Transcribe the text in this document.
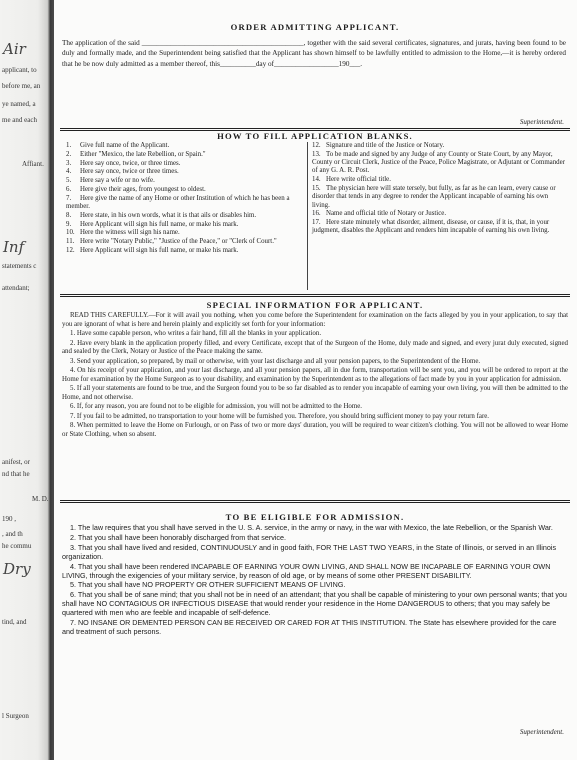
applicant, to
before me, an
ye named, a
me and each
Affiant.
statements c
attendant;
anifest, or
nd that he
M. D.
190 ,
, and th
he commu
tind, and
l Surgeon
Air
Inf
Dry
ORDER ADMITTING APPLICANT.
The application of the said _____________________________________________, together with the said several certificates, signatures, and jurats, having been found to be duly and formally made, and the Superintendent being satisfied that the Applicant has shown himself to be lawfully entitled to admission to the Home,—it is hereby ordered that he be now duly admitted as a member thereof, this__________day of__________________190___.
Superintendent.
HOW TO FILL APPLICATION BLANKS.
1. Give full name of the Applicant.
2. Either "Mexico, the late Rebellion, or Spain."
3. Here say once, twice, or three times.
4. Here say once, twice or three times.
5. Here say a wife or no wife.
6. Here give their ages, from youngest to oldest.
7. Here give the name of any Home or other Institution of which he has been a member.
8. Here state, in his own words, what it is that ails or disables him.
9. Here Applicant will sign his full name, or make his mark.
10. Here the witness will sign his name.
11. Here write "Notary Public," "Justice of the Peace," or "Clerk of Court."
12. Here Applicant will sign his full name, or make his mark.
12. Signature and title of the Justice or Notary.
13. To be made and signed by any Judge of any County or State Court, by any Mayor, County or Circuit Clerk, Justice of the Peace, Police Magistrate, or Adjutant or Commander of any G. A. R. Post.
14. Here write official title.
15. The physician here will state tersely, but fully, as far as he can learn, every cause or disorder that tends in any degree to render the Applicant incapable of earning his own living.
16. Name and official title of Notary or Justice.
17. Here state minutely what disorder, ailment, disease, or cause, if it is, that, in your judgment, disables the Applicant and renders him incapable of earning his own living.
SPECIAL INFORMATION FOR APPLICANT.
READ THIS CAREFULLY.—For it will avail you nothing, when you come before the Superintendent for examination on the facts alleged by you in your application, to say that you are ignorant of what is here and herein plainly and explicitly set forth for your information:
1. Have some capable person, who writes a fair hand, fill all the blanks in your application.
2. Have every blank in the application properly filled, and every Certificate, except that of the Surgeon of the Home, duly made and signed, and every jurat duly executed, signed and sealed by the Clerk, Notary or Justice of the Peace making the same.
3. Send your application, so prepared, by mail or otherwise, with your last discharge and all your pension papers, to the Superintendent of the Home.
4. On his receipt of your application, and your last discharge, and all your pension papers, all in due form, transportation will be sent you, and you will be ordered to report at the Home for examination by the Home Surgeon as to your disability, and examination by the Superintendent as to the allegations of fact made by you in your application for admission.
5. If all your statements are found to be true, and the Surgeon found you to be so far disabled as to render you incapable of earning your own living, you will then be admitted to the Home, and not otherwise.
6. If, for any reason, you are found not to be eligible for admission, you will not be admitted to the Home.
7. If you fail to be admitted, no transportation to your home will be furnished you. Therefore, you should bring sufficient money to pay your return fare.
8. When permitted to leave the Home on Furlough, or on Pass of two or more days' duration, you will be required to wear citizen's clothing. You will not be allowed to wear Home or State Clothing, when so absent.
TO BE ELIGIBLE FOR ADMISSION.
1. The law requires that you shall have served in the U. S. A. service, in the army or navy, in the war with Mexico, the late Rebellion, or the Spanish War.
2. That you shall have been honorably discharged from that service.
3. That you shall have lived and resided, CONTINUOUSLY and in good faith, FOR THE LAST TWO YEARS, in the State of Illinois, or served in an Illinois organization.
4. That you shall have been rendered INCAPABLE OF EARNING YOUR OWN LIVING, AND SHALL NOW BE INCAPABLE OF EARNING YOUR OWN LIVING, through the exigencies of your military service, by reason of old age, or by means of some other PRESENT DISABILITY.
5. That you shall have NO PROPERTY OR OTHER SUFFICIENT MEANS OF LIVING.
6. That you shall be of sane mind; that you shall not be in need of an attendant; that you shall be capable of ministering to your own personal wants; that you shall have NO CONTAGIOUS OR INFECTIOUS DISEASE that would render your residence in the Home DANGEROUS to others; that you may safely be quartered with men who are feeble and incapable of self-defence.
7. NO INSANE OR DEMENTED PERSON CAN BE RECEIVED OR CARED FOR AT THIS INSTITUTION. The State has elsewhere provided for the care and treatment of such persons.
Superintendent.
